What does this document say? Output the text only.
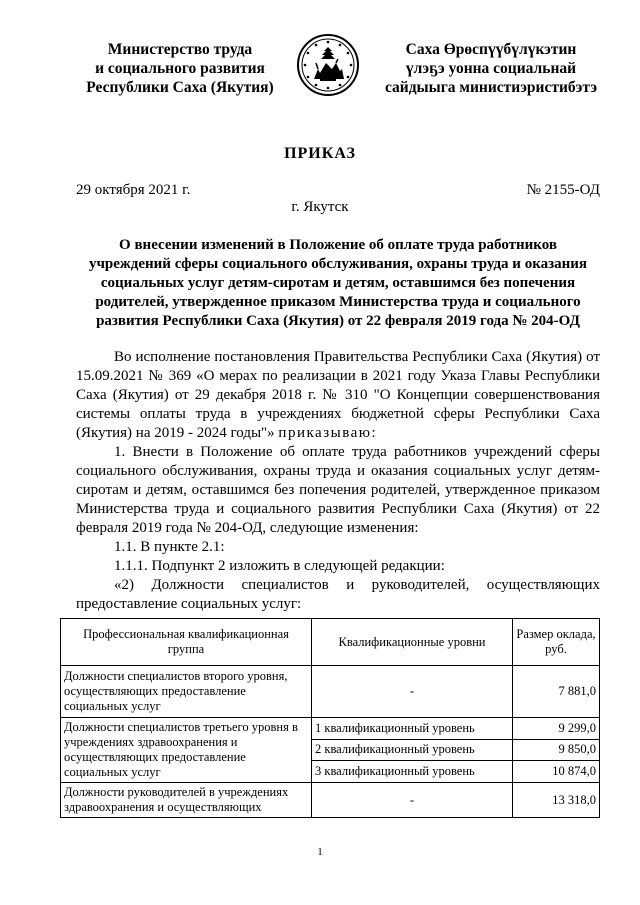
Министерство труда
и социального развития
Республики Саха (Якутия)
Саха Өрөспүүбүлүкэтин
үлэҕэ уонна социальнай
сайдыыга министиэристибэтэ
ПРИКАЗ
29 октября 2021 г.	№ 2155-ОД
г. Якутск
О внесении изменений в Положение об оплате труда работников
учреждений сферы социального обслуживания, охраны труда и оказания
социальных услуг детям-сиротам и детям, оставшимся без попечения
родителей, утвержденное приказом Министерства труда и социального
развития Республики Саха (Якутия) от 22 февраля 2019 года № 204-ОД

Во исполнение постановления Правительства Республики Саха (Якутия) от 15.09.2021 № 369 «О мерах по реализации в 2021 году Указа Главы Республики Саха (Якутия) от 29 декабря 2018 г. № 310 "О Концепции совершенствования системы оплаты труда в учреждениях бюджетной сферы Республики Саха (Якутия) на 2019 - 2024 годы"» приказываю:

1. Внести в Положение об оплате труда работников учреждений сферы социального обслуживания, охраны труда и оказания социальных услуг детям-сиротам и детям, оставшимся без попечения родителей, утвержденное приказом Министерства труда и социального развития Республики Саха (Якутия) от 22 февраля 2019 года № 204-ОД, следующие изменения:

1.1. В пункте 2.1:

1.1.1. Подпункт 2 изложить в следующей редакции:

«2) Должности специалистов и руководителей, осуществляющих

предоставление социальных услуг:

Профессиональная квалификационная группа	Квалификационные уровни	Размер оклада, руб.
Должности специалистов второго уровня, осуществляющих предоставление социальных услуг	-	7 881,0
Должности специалистов третьего уровня в учреждениях здравоохранения и осуществляющих предоставление социальных услуг	1 квалификационный уровень	9 299,0
	2 квалификационный уровень	9 850,0
	3 квалификационный уровень	10 874,0
Должности руководителей в учреждениях здравоохранения и осуществляющих	-	13 318,0
1
